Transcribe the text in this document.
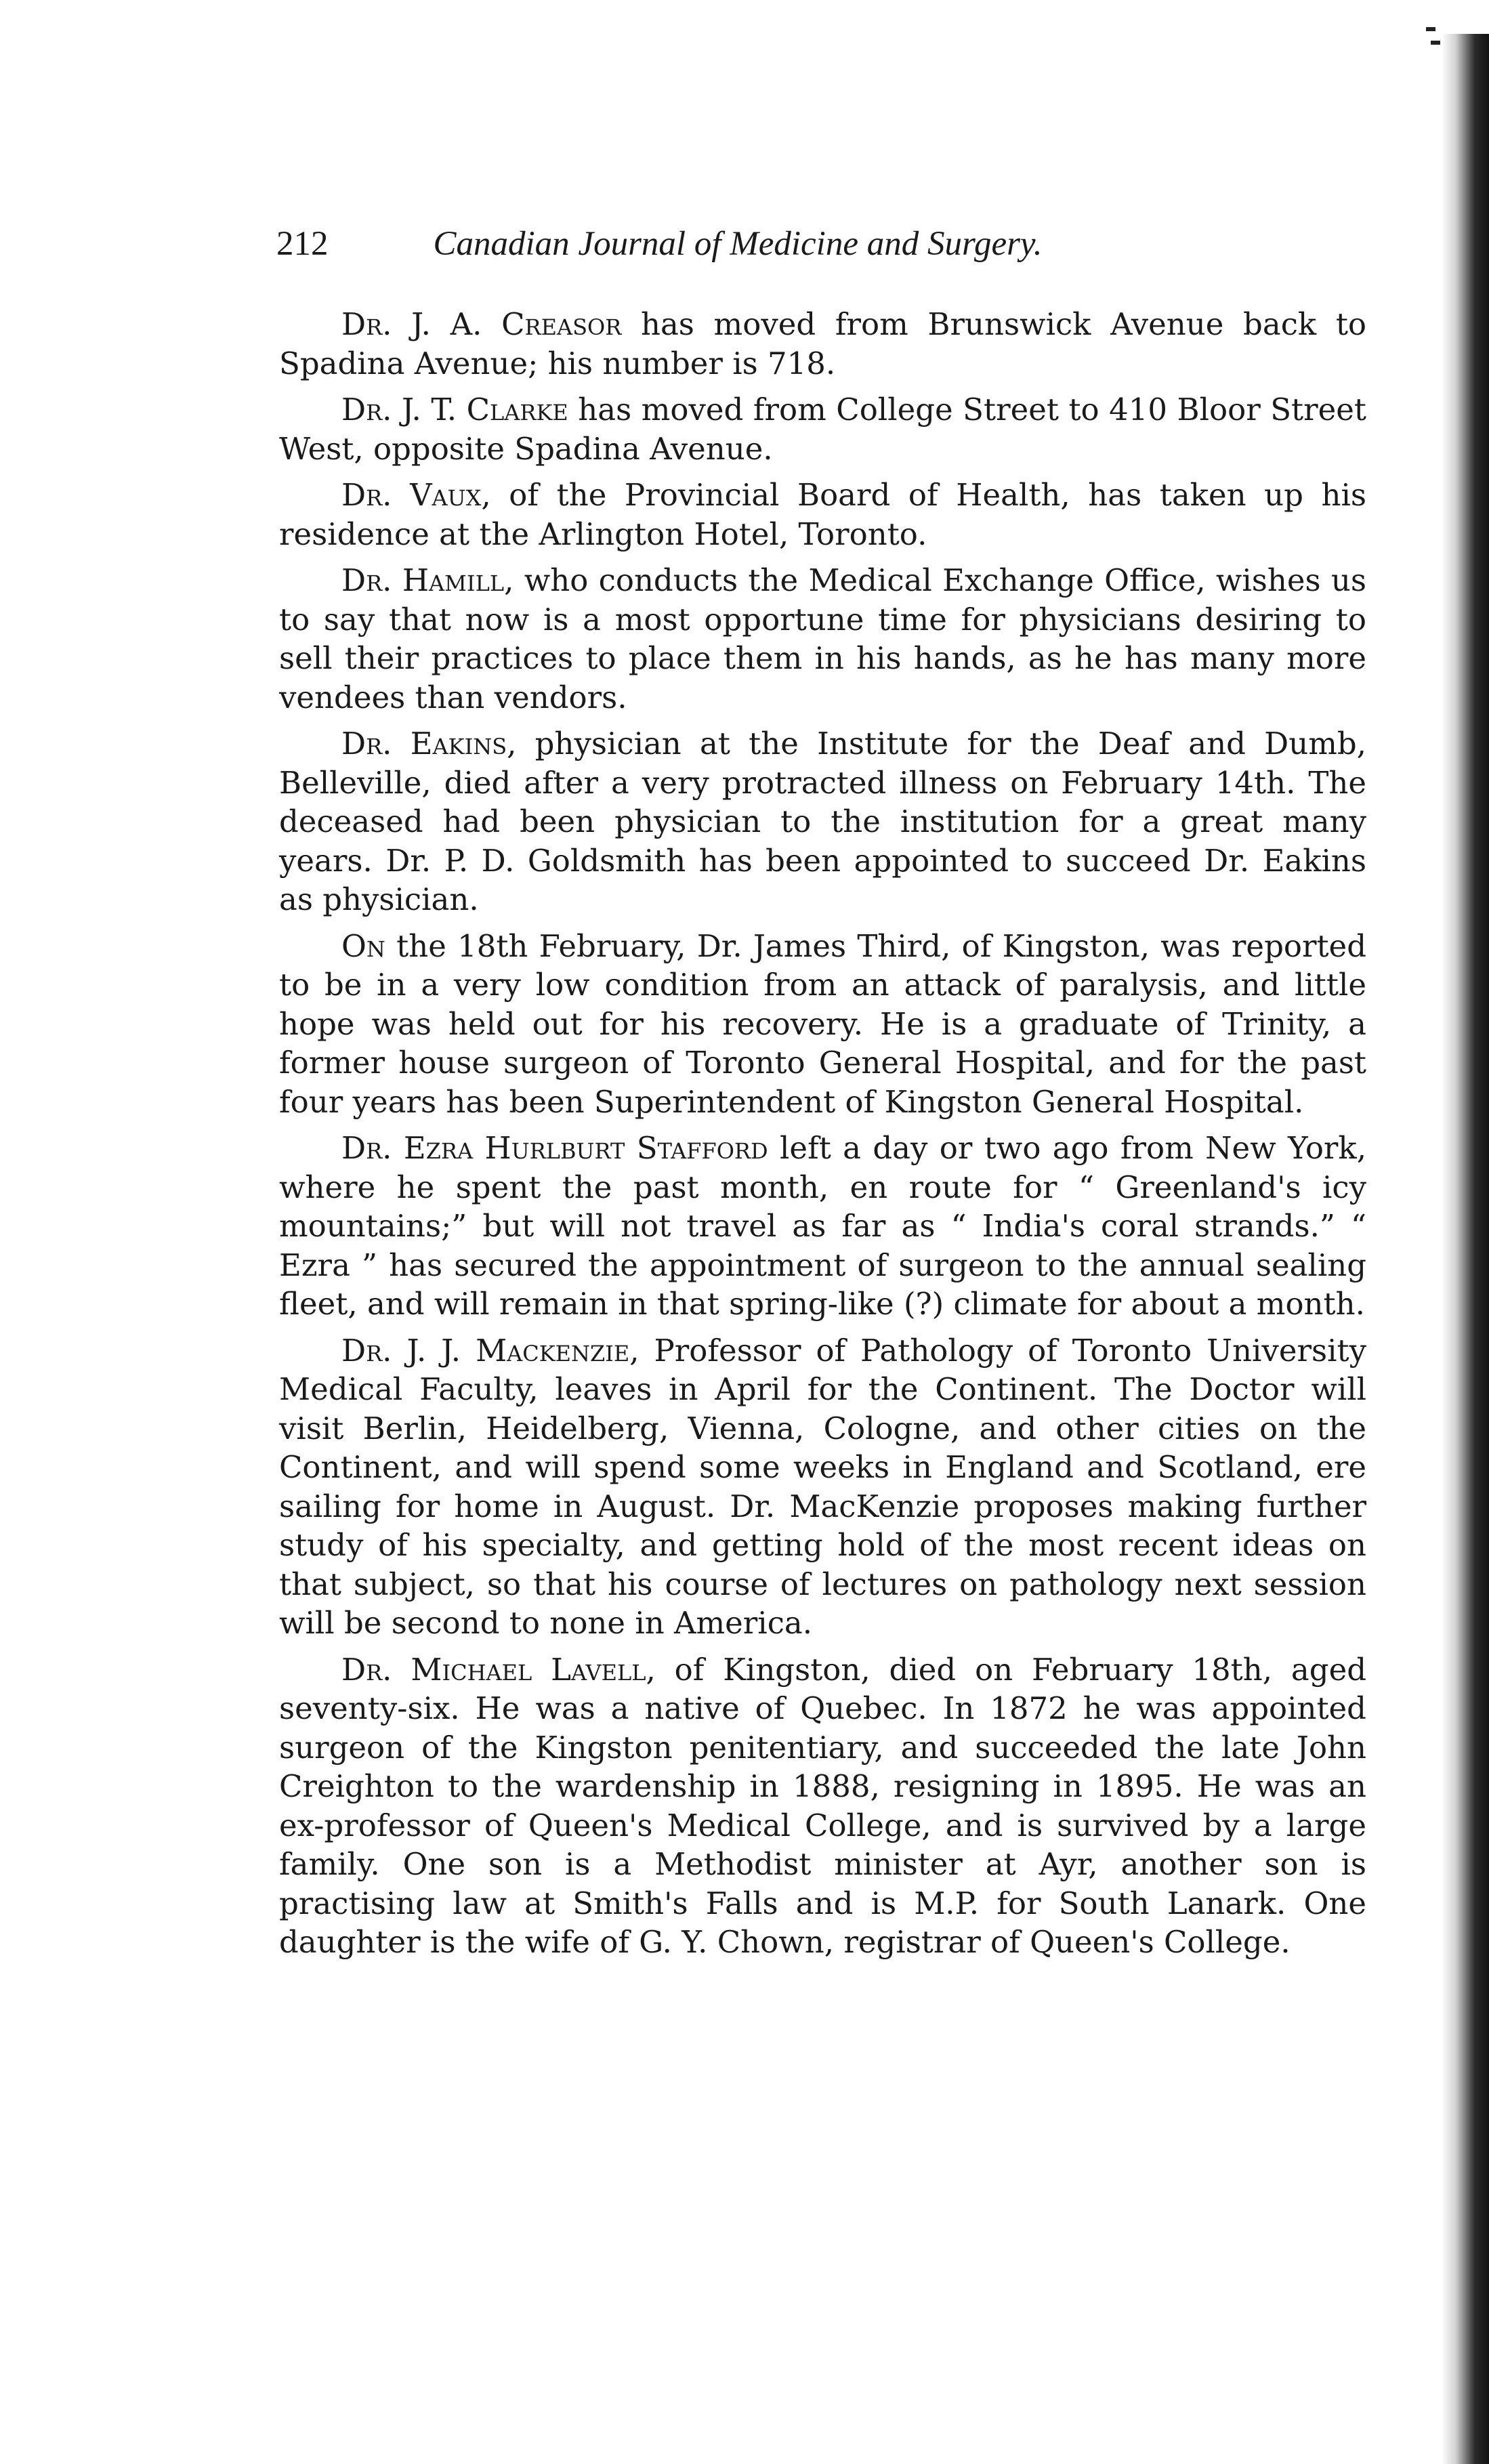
212	Canadian Journal of Medicine and Surgery.

Dr. J. A. Creasor has moved from Brunswick Avenue back to Spadina Avenue; his number is 718.

Dr. J. T. Clarke has moved from College Street to 410 Bloor Street West, opposite Spadina Avenue.

Dr. Vaux, of the Provincial Board of Health, has taken up his residence at the Arlington Hotel, Toronto.

Dr. Hamill, who conducts the Medical Exchange Office, wishes us to say that now is a most opportune time for physicians desiring to sell their practices to place them in his hands, as he has many more vendees than vendors.

Dr. Eakins, physician at the Institute for the Deaf and Dumb, Belleville, died after a very protracted illness on February 14th. The deceased had been physician to the institution for a great many years. Dr. P. D. Goldsmith has been appointed to succeed Dr. Eakins as physician.

On the 18th February, Dr. James Third, of Kingston, was reported to be in a very low condition from an attack of paralysis, and little hope was held out for his recovery. He is a graduate of Trinity, a former house surgeon of Toronto General Hospital, and for the past four years has been Superintendent of Kingston General Hospital.

Dr. Ezra Hurlburt Stafford left a day or two ago from New York, where he spent the past month, en route for “ Greenland's icy mountains;” but will not travel as far as “ India's coral strands.” “ Ezra ” has secured the appointment of surgeon to the annual sealing fleet, and will remain in that spring-like (?) climate for about a month.

Dr. J. J. Mackenzie, Professor of Pathology of Toronto University Medical Faculty, leaves in April for the Continent. The Doctor will visit Berlin, Heidelberg, Vienna, Cologne, and other cities on the Continent, and will spend some weeks in England and Scotland, ere sailing for home in August. Dr. MacKenzie proposes making further study of his specialty, and getting hold of the most recent ideas on that subject, so that his course of lectures on pathology next session will be second to none in America.

Dr. Michael Lavell, of Kingston, died on February 18th, aged seventy-six. He was a native of Quebec. In 1872 he was appointed surgeon of the Kingston penitentiary, and succeeded the late John Creighton to the wardenship in 1888, resigning in 1895. He was an ex-professor of Queen's Medical College, and is survived by a large family. One son is a Methodist minister at Ayr, another son is practising law at Smith's Falls and is M.P. for South Lanark. One daughter is the wife of G. Y. Chown, registrar of Queen's College.
